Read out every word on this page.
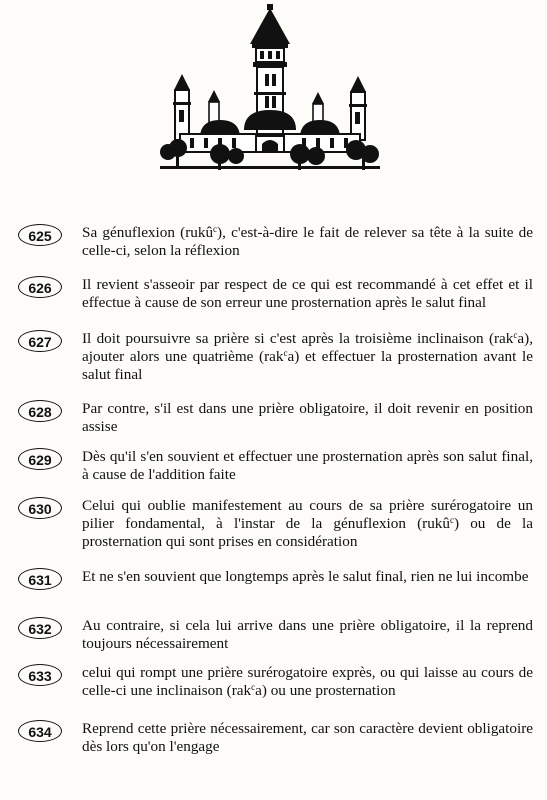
625	Sa génuflexion (rukû$^c$), c'est-à-dire le fait de relever sa tête à la suite de celle-ci, selon la réflexion
626	Il revient s'asseoir par respect de ce qui est recommandé à cet effet et il effectue à cause de son erreur une prosternation après le salut final
627	Il doit poursuivre sa prière si c'est après la troisième inclinaison (rak$^c$a), ajouter alors une quatrième (rak$^c$a) et effectuer la prosternation avant le salut final
628	Par contre, s'il est dans une prière obligatoire, il doit revenir en position assise
629	Dès qu'il s'en souvient et effectuer une prosternation après son salut final, à cause de l'addition faite
630	Celui qui oublie manifestement au cours de sa prière surérogatoire un pilier fondamental, à l'instar de la génuflexion (rukû$^c$) ou de la prosternation qui sont prises en considération
631	Et ne s'en souvient que longtemps après le salut final, rien ne lui incombe
632	Au contraire, si cela lui arrive dans une prière obligatoire, il la reprend toujours nécessairement
633	celui qui rompt une prière surérogatoire exprès, ou qui laisse au cours de celle-ci une inclinaison (rak$^c$a) ou une prosternation
634	Reprend cette prière nécessairement, car son caractère devient obligatoire dès lors qu'on l'engage
